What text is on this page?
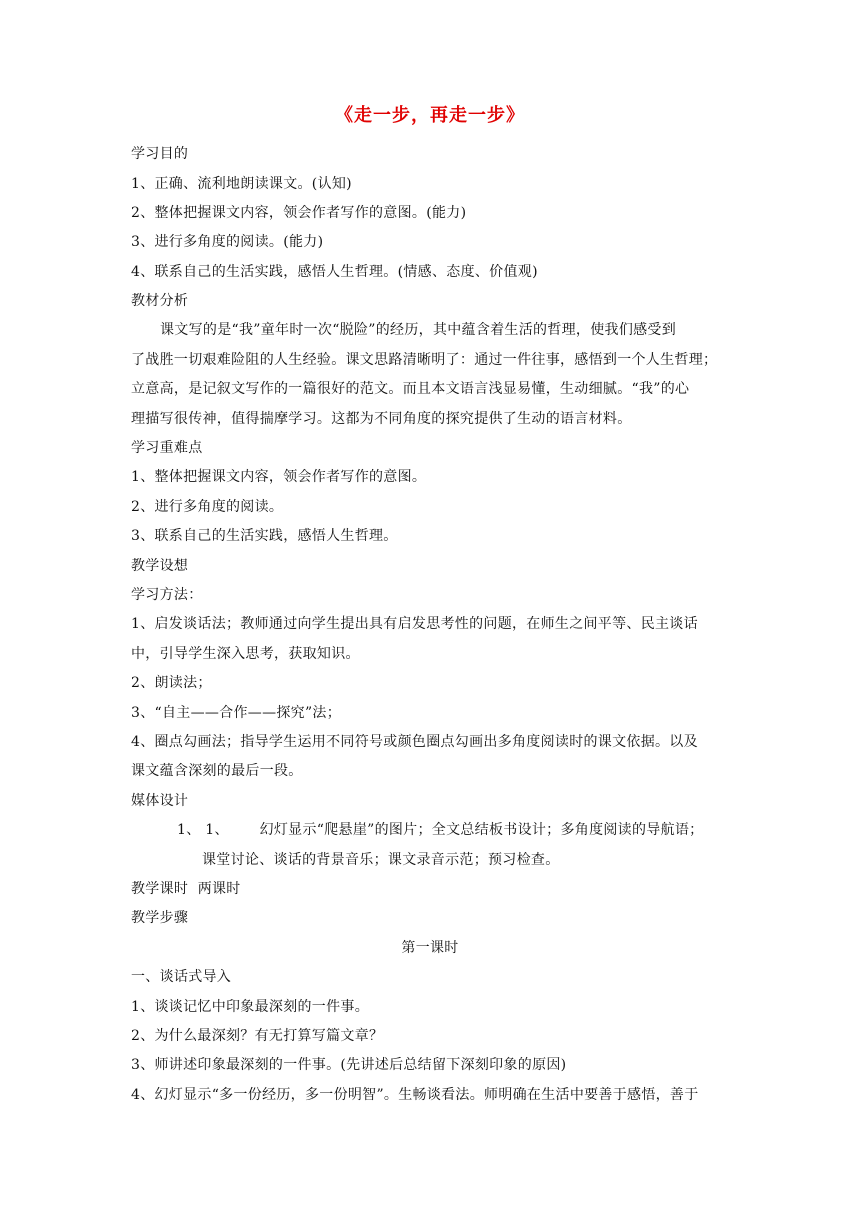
《走一步，再走一步》
学习目的
1、正确、流利地朗读课文。(认知)
2、整体把握课文内容，领会作者写作的意图。(能力)
3、进行多角度的阅读。(能力)
4、联系自己的生活实践，感悟人生哲理。(情感、态度、价值观)
教材分析
课文写的是“我”童年时一次“脱险”的经历，其中蕴含着生活的哲理，使我们感受到
了战胜一切艰难险阻的人生经验。课文思路清晰明了：通过一件往事，感悟到一个人生哲理；
立意高，是记叙文写作的一篇很好的范文。而且本文语言浅显易懂，生动细腻。“我”的心
理描写很传神，值得揣摩学习。这都为不同角度的探究提供了生动的语言材料。
学习重难点
1、整体把握课文内容，领会作者写作的意图。
2、进行多角度的阅读。
3、联系自己的生活实践，感悟人生哲理。
教学设想
学习方法：
1、启发谈话法；教师通过向学生提出具有启发思考性的问题，在师生之间平等、民主谈话
中，引导学生深入思考，获取知识。
2、朗读法；
3、“自主——合作——探究”法；
4、圈点勾画法；指导学生运用不同符号或颜色圈点勾画出多角度阅读时的课文依据。以及
课文蕴含深刻的最后一段。
媒体设计
1、 1、 幻灯显示“爬悬崖”的图片；全文总结板书设计；多角度阅读的导航语；
课堂讨论、谈话的背景音乐；课文录音示范；预习检查。
教学课时  两课时
教学步骤
第一课时
一、谈话式导入
1、谈谈记忆中印象最深刻的一件事。
2、为什么最深刻？有无打算写篇文章？
3、师讲述印象最深刻的一件事。(先讲述后总结留下深刻印象的原因)
4、幻灯显示“多一份经历，多一份明智”。生畅谈看法。师明确在生活中要善于感悟，善于
